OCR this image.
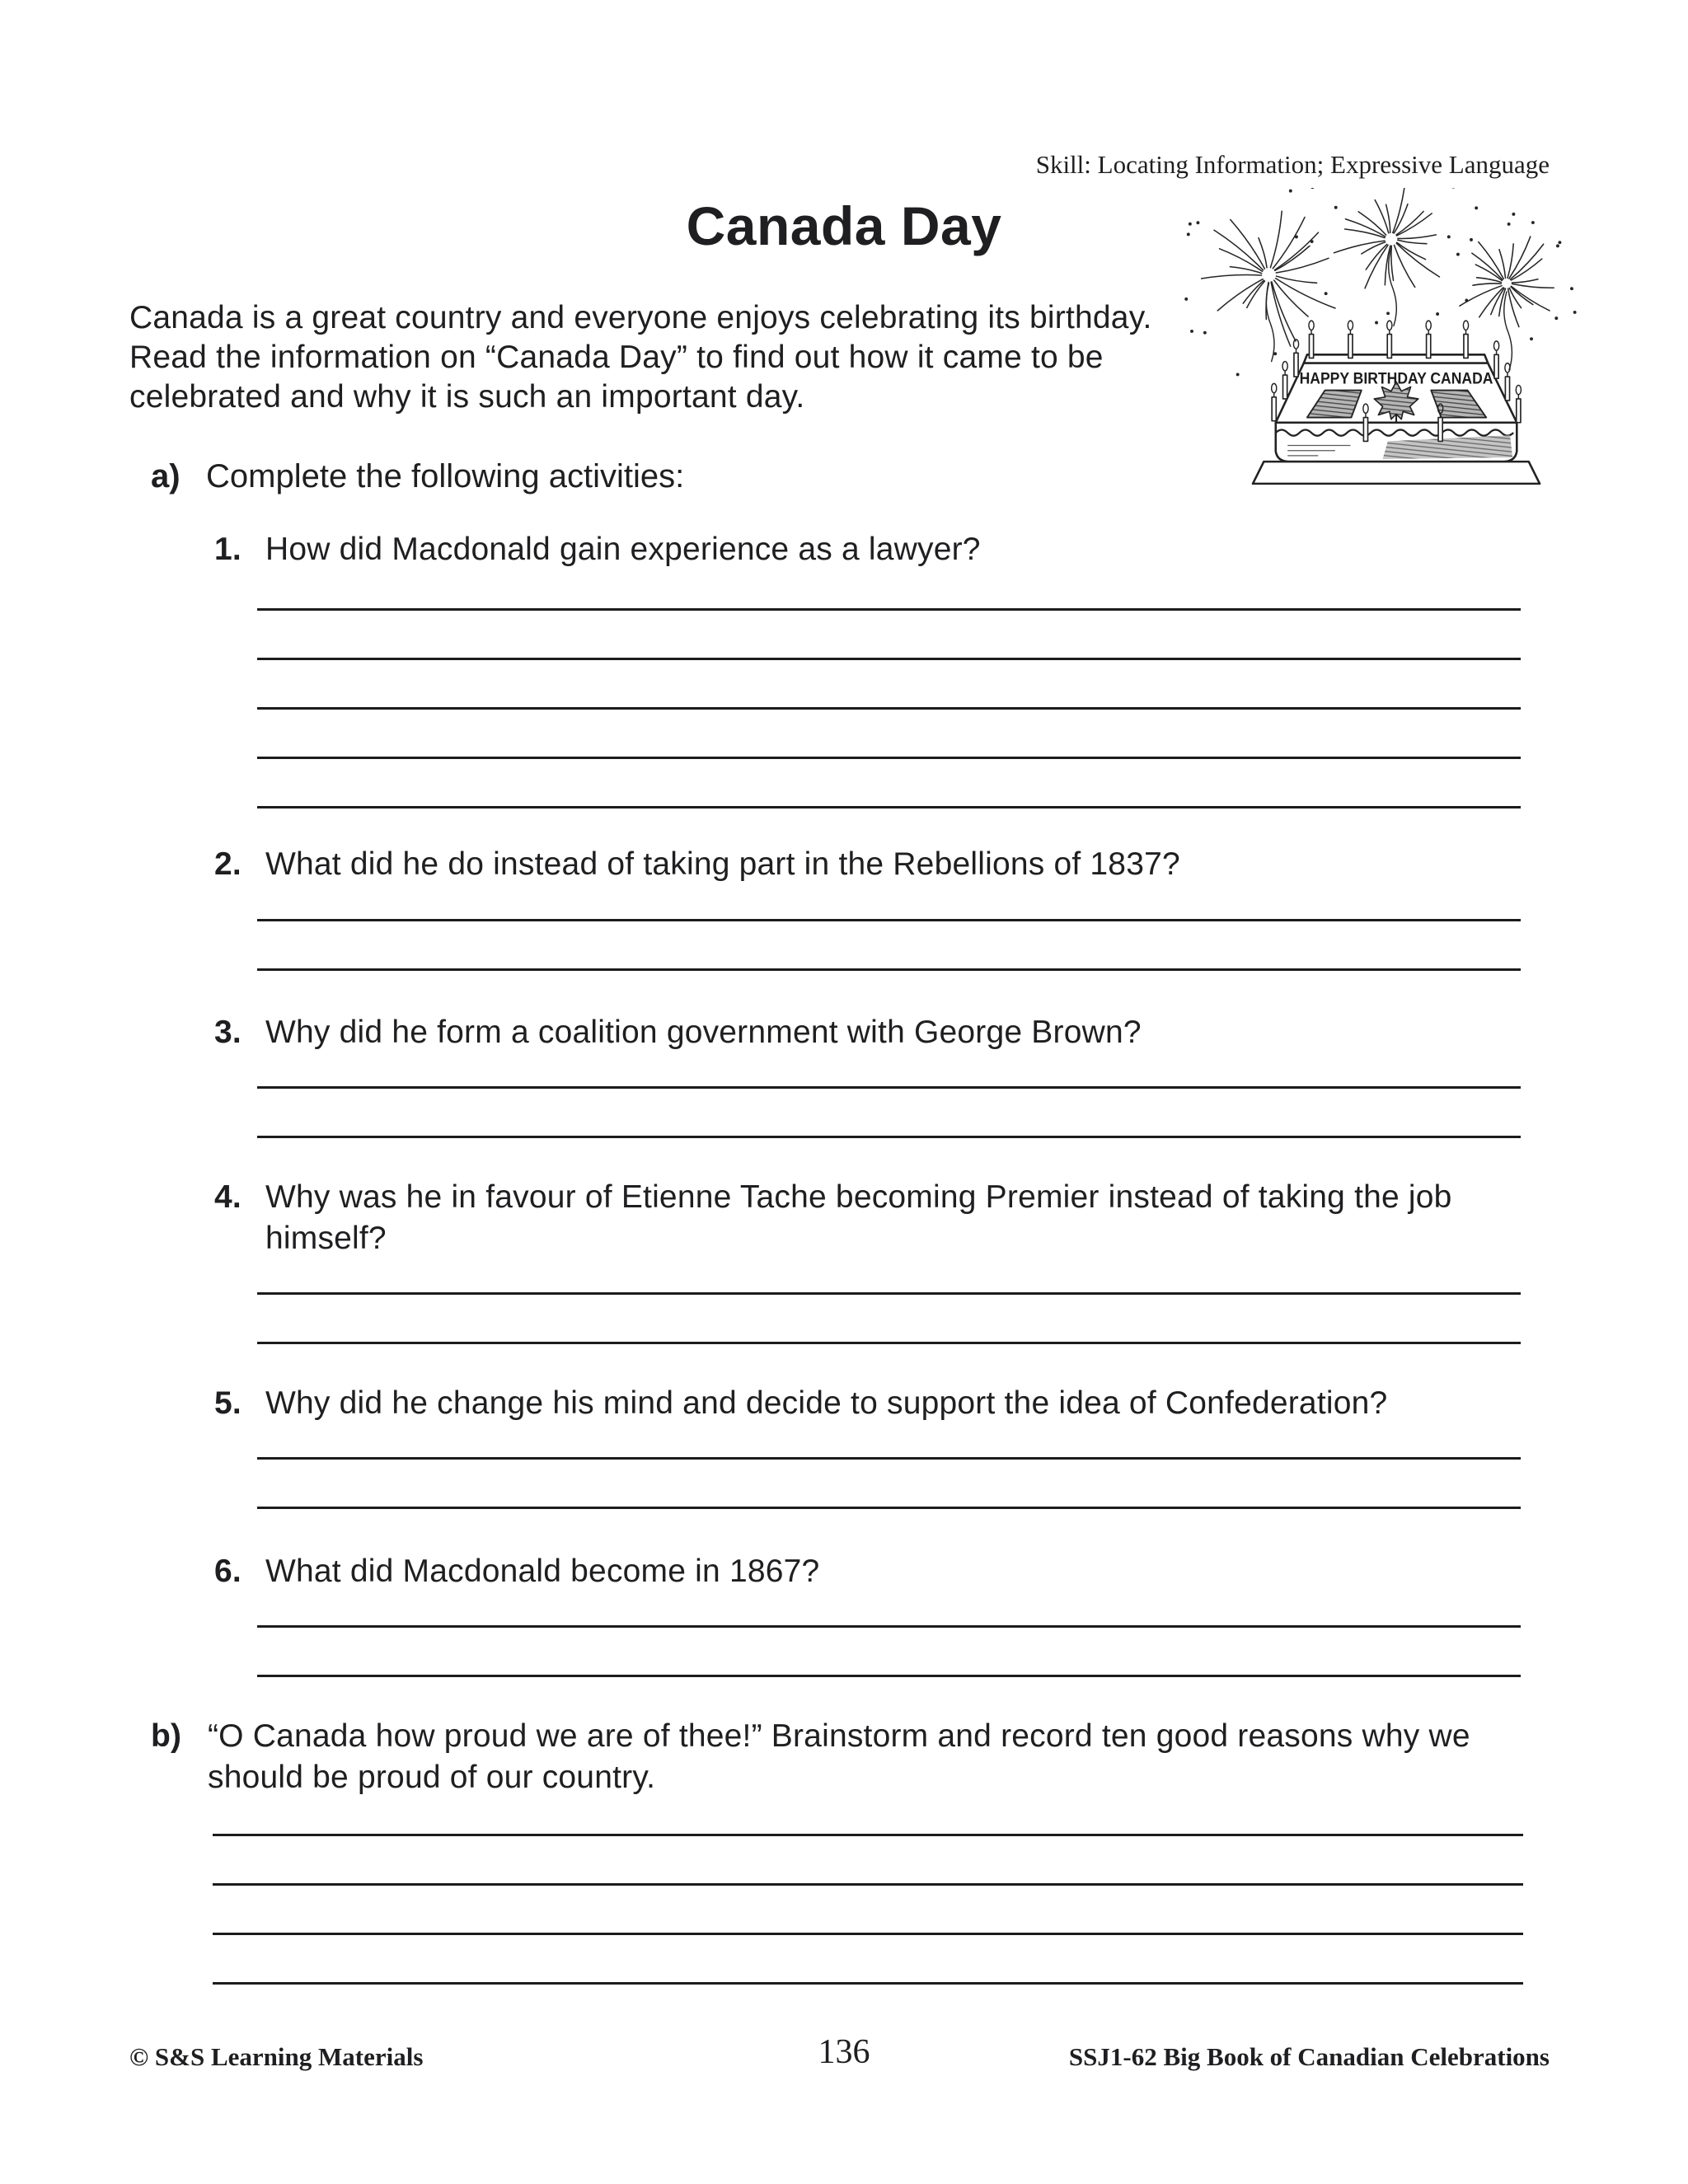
Skill: Locating Information; Expressive Language
Canada Day
Canada is a great country and everyone enjoys celebrating its birthday.
Read the information on “Canada Day” to find out how it came to be
celebrated and why it is such an important day.
HAPPY BIRTHDAY CANADA
a) Complete the following activities:
1. How did Macdonald gain experience as a lawyer?
2. What did he do instead of taking part in the Rebellions of 1837?
3. Why did he form a coalition government with George Brown?
4. Why was he in favour of Etienne Tache becoming Premier instead of taking the job
himself?
5. Why did he change his mind and decide to support the idea of Confederation?
6. What did Macdonald become in 1867?
b) “O Canada how proud we are of thee!” Brainstorm and record ten good reasons why we
should be proud of our country.
© S&S Learning Materials	136	SSJ1-62 Big Book of Canadian Celebrations
